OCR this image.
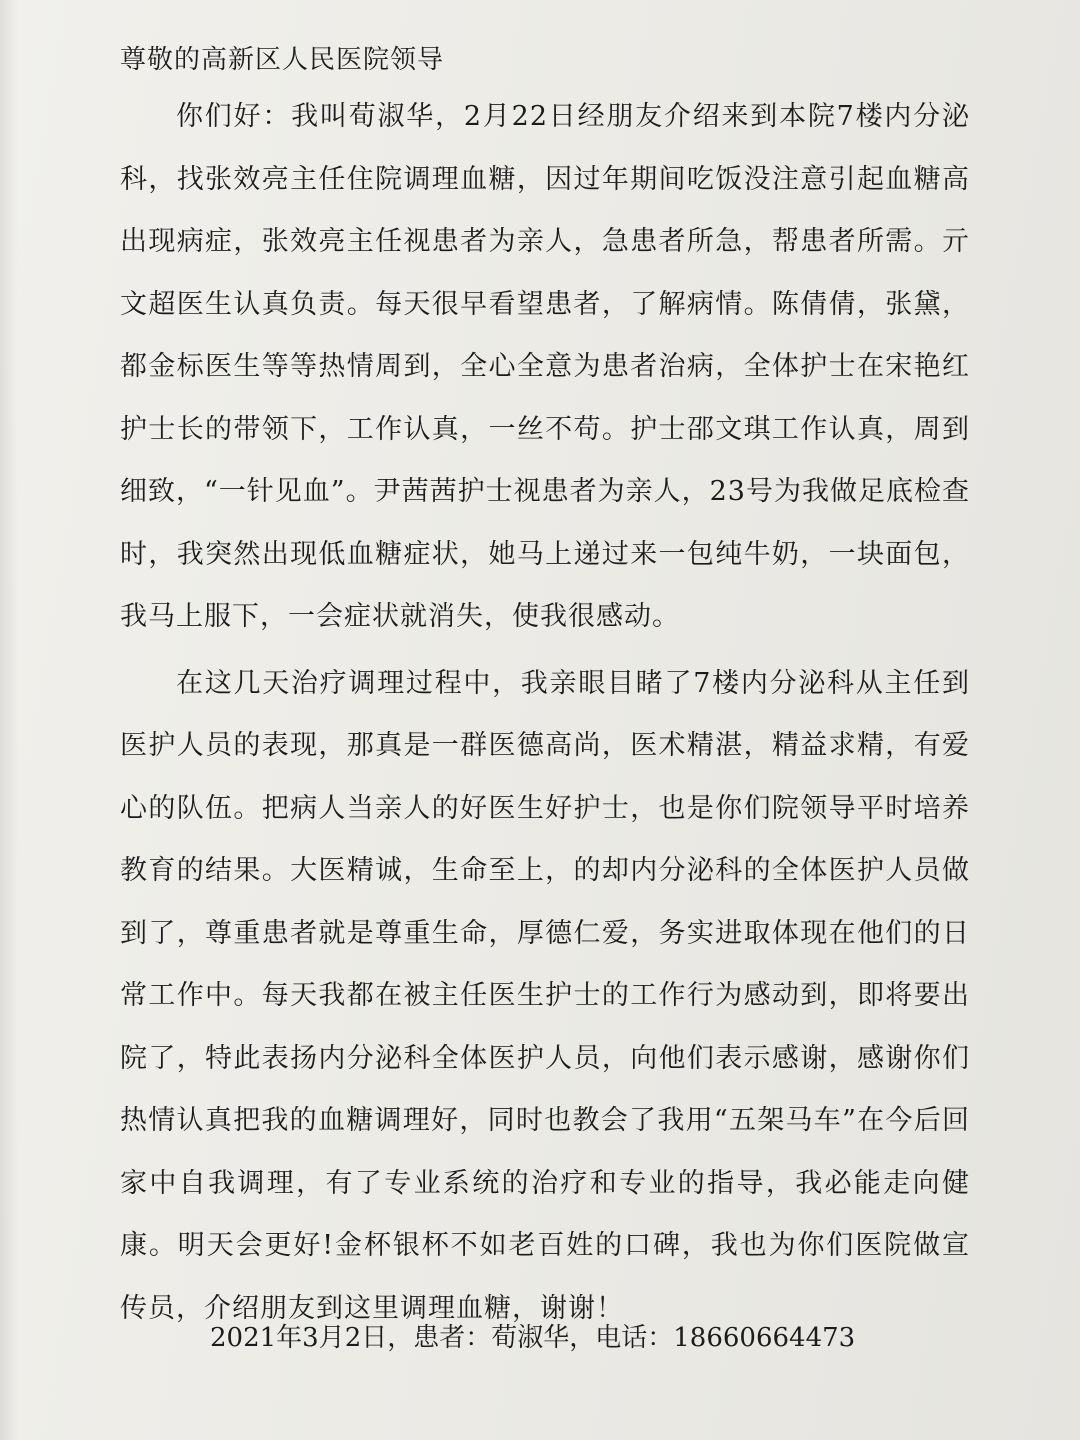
尊敬的高新区人民医院领导

你们好：我叫荀淑华，2月22日经朋友介绍来到本院7楼内分泌科，找张效亮主任住院调理血糖，因过年期间吃饭没注意引起血糖高出现病症，张效亮主任视患者为亲人，急患者所急，帮患者所需。亓文超医生认真负责。每天很早看望患者，了解病情。陈倩倩，张黛，都金标医生等等热情周到，全心全意为患者治病，全体护士在宋艳红护士长的带领下，工作认真，一丝不苟。护士邵文琪工作认真，周到细致，“一针见血”。尹茜茜护士视患者为亲人，23号为我做足底检查时，我突然出现低血糖症状，她马上递过来一包纯牛奶，一块面包，我马上服下，一会症状就消失，使我很感动。

在这几天治疗调理过程中，我亲眼目睹了7楼内分泌科从主任到医护人员的表现，那真是一群医德高尚，医术精湛，精益求精，有爱心的队伍。把病人当亲人的好医生好护士，也是你们院领导平时培养教育的结果。大医精诚，生命至上，的却内分泌科的全体医护人员做到了，尊重患者就是尊重生命，厚德仁爱，务实进取体现在他们的日常工作中。每天我都在被主任医生护士的工作行为感动到，即将要出院了，特此表扬内分泌科全体医护人员，向他们表示感谢，感谢你们热情认真把我的血糖调理好，同时也教会了我用“五架马车”在今后回家中自我调理，有了专业系统的治疗和专业的指导，我必能走向健康。明天会更好!金杯银杯不如老百姓的口碑，我也为你们医院做宣传员，介绍朋友到这里调理血糖，谢谢！

2021年3月2日，患者：荀淑华，电话：18660664473
